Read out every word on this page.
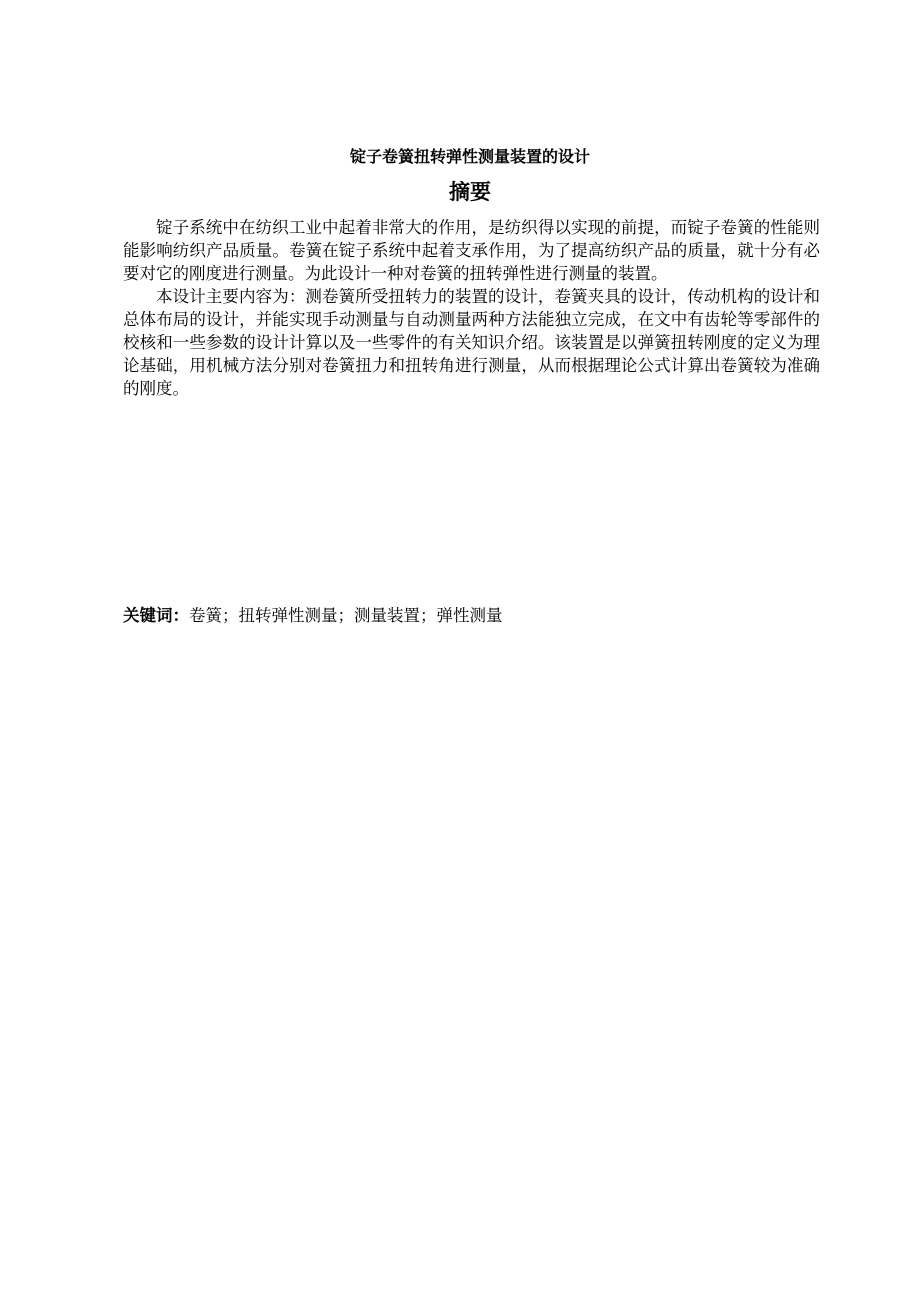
锭子卷簧扭转弹性测量装置的设计
摘要

锭子系统中在纺织工业中起着非常大的作用，是纺织得以实现的前提，而锭子卷簧的性能则能影响纺织产品质量。卷簧在锭子系统中起着支承作用，为了提高纺织产品的质量，就十分有必要对它的刚度进行测量。为此设计一种对卷簧的扭转弹性进行测量的装置。

本设计主要内容为：测卷簧所受扭转力的装置的设计，卷簧夹具的设计，传动机构的设计和总体布局的设计，并能实现手动测量与自动测量两种方法能独立完成，在文中有齿轮等零部件的校核和一些参数的设计计算以及一些零件的有关知识介绍。该装置是以弹簧扭转刚度的定义为理论基础，用机械方法分别对卷簧扭力和扭转角进行测量，从而根据理论公式计算出卷簧较为准确的刚度。

关键词：卷簧；扭转弹性测量；测量装置；弹性测量
